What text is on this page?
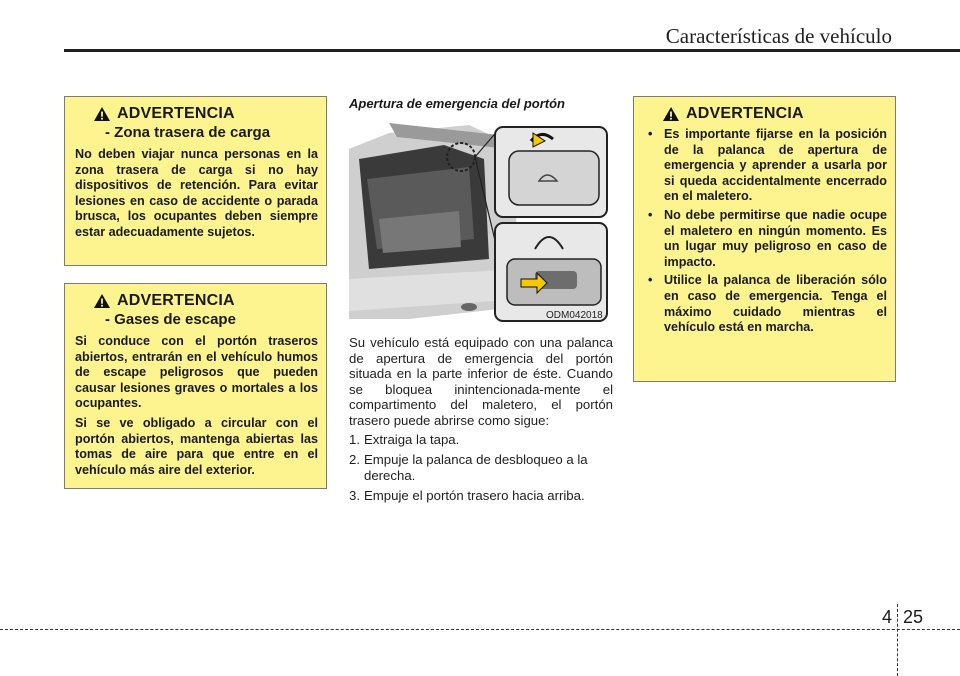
Características de vehículo
ADVERTENCIA
- Zona trasera de carga

No deben viajar nunca personas en la zona trasera de carga si no hay dispositivos de retención. Para evitar lesiones en caso de accidente o parada brusca, los ocupantes deben siempre estar adecuadamente sujetos.

ADVERTENCIA
- Gases de escape

Si conduce con el portón traseros abiertos, entrarán en el vehículo humos de escape peligrosos que pueden causar lesiones graves o mortales a los ocupantes.

Si se ve obligado a circular con el portón abiertos, mantenga abiertas las tomas de aire para que entre en el vehículo más aire del exterior.

Apertura de emergencia del portón
ODM042018

Su vehículo está equipado con una palanca de apertura de emergencia del portón situada en la parte inferior de éste. Cuando se bloquea inintencionada-mente el compartimento del maletero, el portón trasero puede abrirse como sigue:

1. Extraiga la tapa.
2. Empuje la palanca de desbloqueo a la derecha.
3. Empuje el portón trasero hacia arriba.
ADVERTENCIA
• Es importante fijarse en la posición de la palanca de apertura de emergencia y aprender a usarla por si queda accidentalmente encerrado en el maletero.
• No debe permitirse que nadie ocupe el maletero en ningún momento. Es un lugar muy peligroso en caso de impacto.
• Utilice la palanca de liberación sólo en caso de emergencia. Tenga el máximo cuidado mientras el vehículo está en marcha.
4 25
